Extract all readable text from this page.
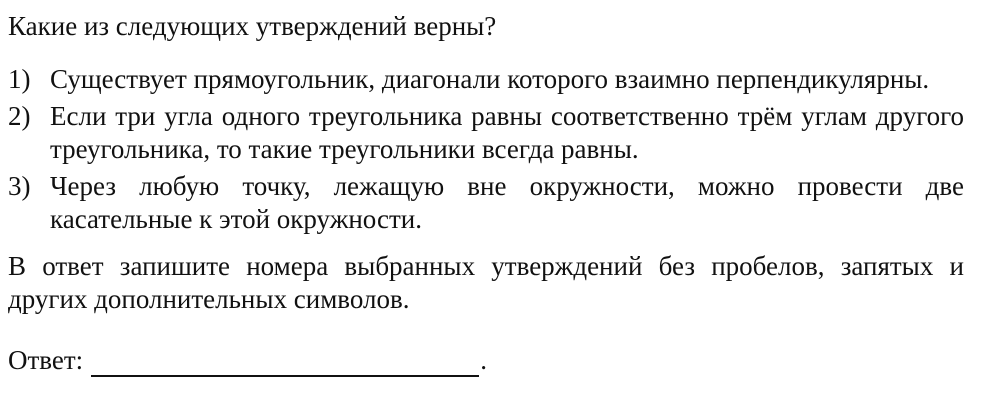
Какие из следующих утверждений верны?
1) Существует прямоугольник, диагонали которого взаимно перпендикулярны.
2) Если три угла одного треугольника равны соответственно трём углам другого треугольника, то такие треугольники всегда равны.
3) Через любую точку, лежащую вне окружности, можно провести две касательные к этой окружности.
В ответ запишите номера выбранных утверждений без пробелов, запятых и других дополнительных символов.
Ответ:	.
